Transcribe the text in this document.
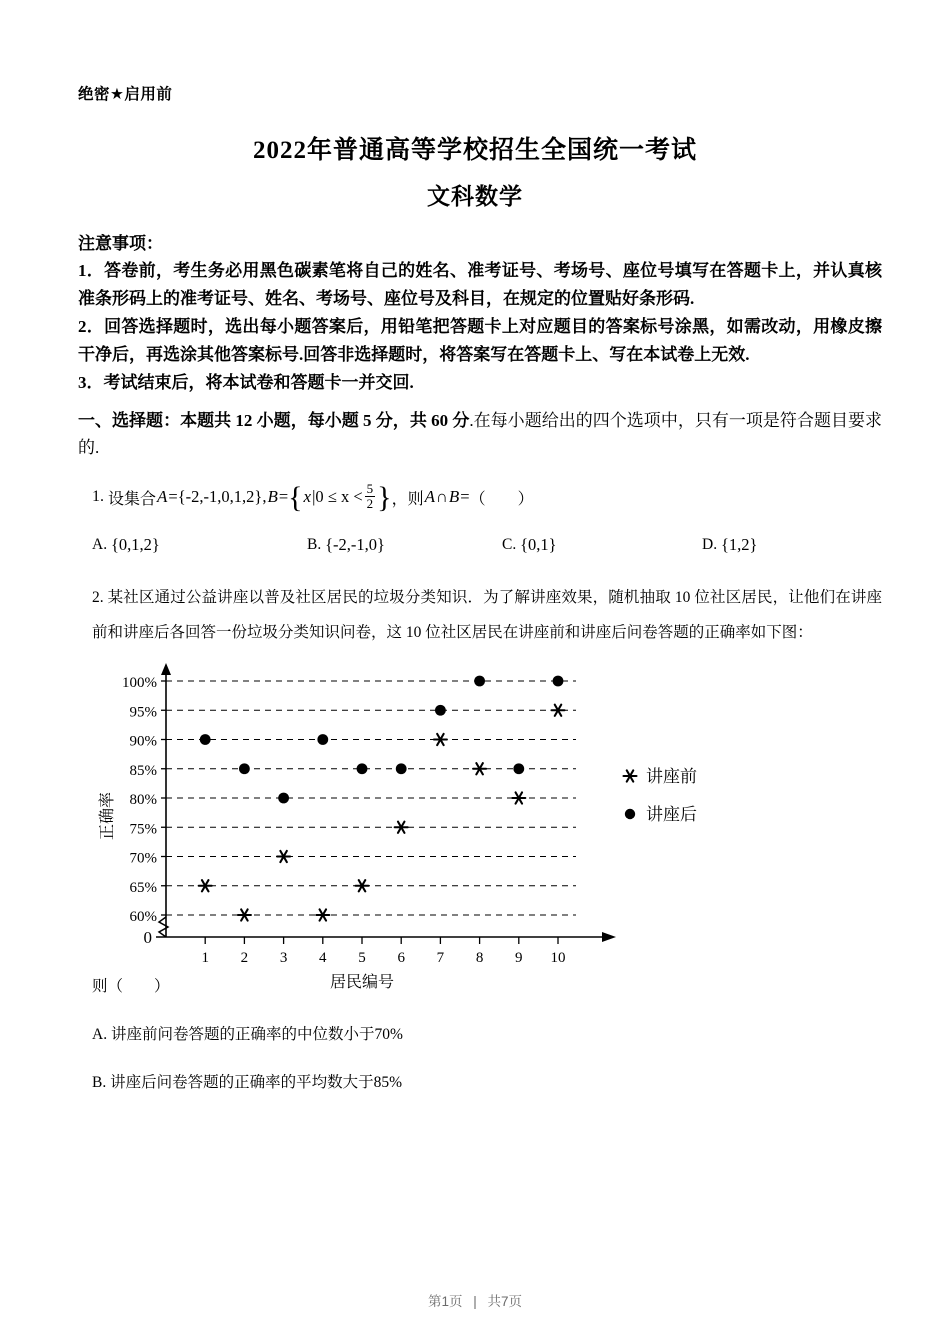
绝密★启用前
2022年普通高等学校招生全国统一考试
文科数学
注意事项：
1．答卷前，考生务必用黑色碳素笔将自己的姓名、准考证号、考场号、座位号填写在答题卡上，并认真核准条形码上的准考证号、姓名、考场号、座位号及科目，在规定的位置贴好条形码.
2．回答选择题时，选出每小题答案后，用铅笔把答题卡上对应题目的答案标号涂黑，如需改动，用橡皮擦干净后，再选涂其他答案标号.回答非选择题时，将答案写在答题卡上、写在本试卷上无效.
3．考试结束后，将本试卷和答题卡一并交回.
一、选择题：本题共 12 小题，每小题 5 分，共 60 分.在每小题给出的四个选项中，只有一项是符合题目要求的.
1. 设集合 A = {-2,-1,0,1,2} , B = { x | $0 \le x < \frac{5}{2}$ } ，则 A ∩ B = （　　）
A.
{0,1,2}	B.
{-2,-1,0}	C.
{0,1}	D.
{1,2}
2. 某社区通过公益讲座以普及社区居民的垃圾分类知识．为了解讲座效果，随机抽取 10 位社区居民，让他们在讲座前和讲座后各回答一份垃圾分类知识问卷，这 10 位社区居民在讲座前和讲座后问卷答题的正确率如下图：
60%
65%
70%
75%
80%
85%
90%
95%
100%
0
1 2 3 4 5 6 7 8 9 10
居民编号
正确率
讲座前
讲座后
则（　　）
A. 讲座前问卷答题的正确率的中位数小于70%
B. 讲座后问卷答题的正确率的平均数大于85%
第1页 | 共7页
